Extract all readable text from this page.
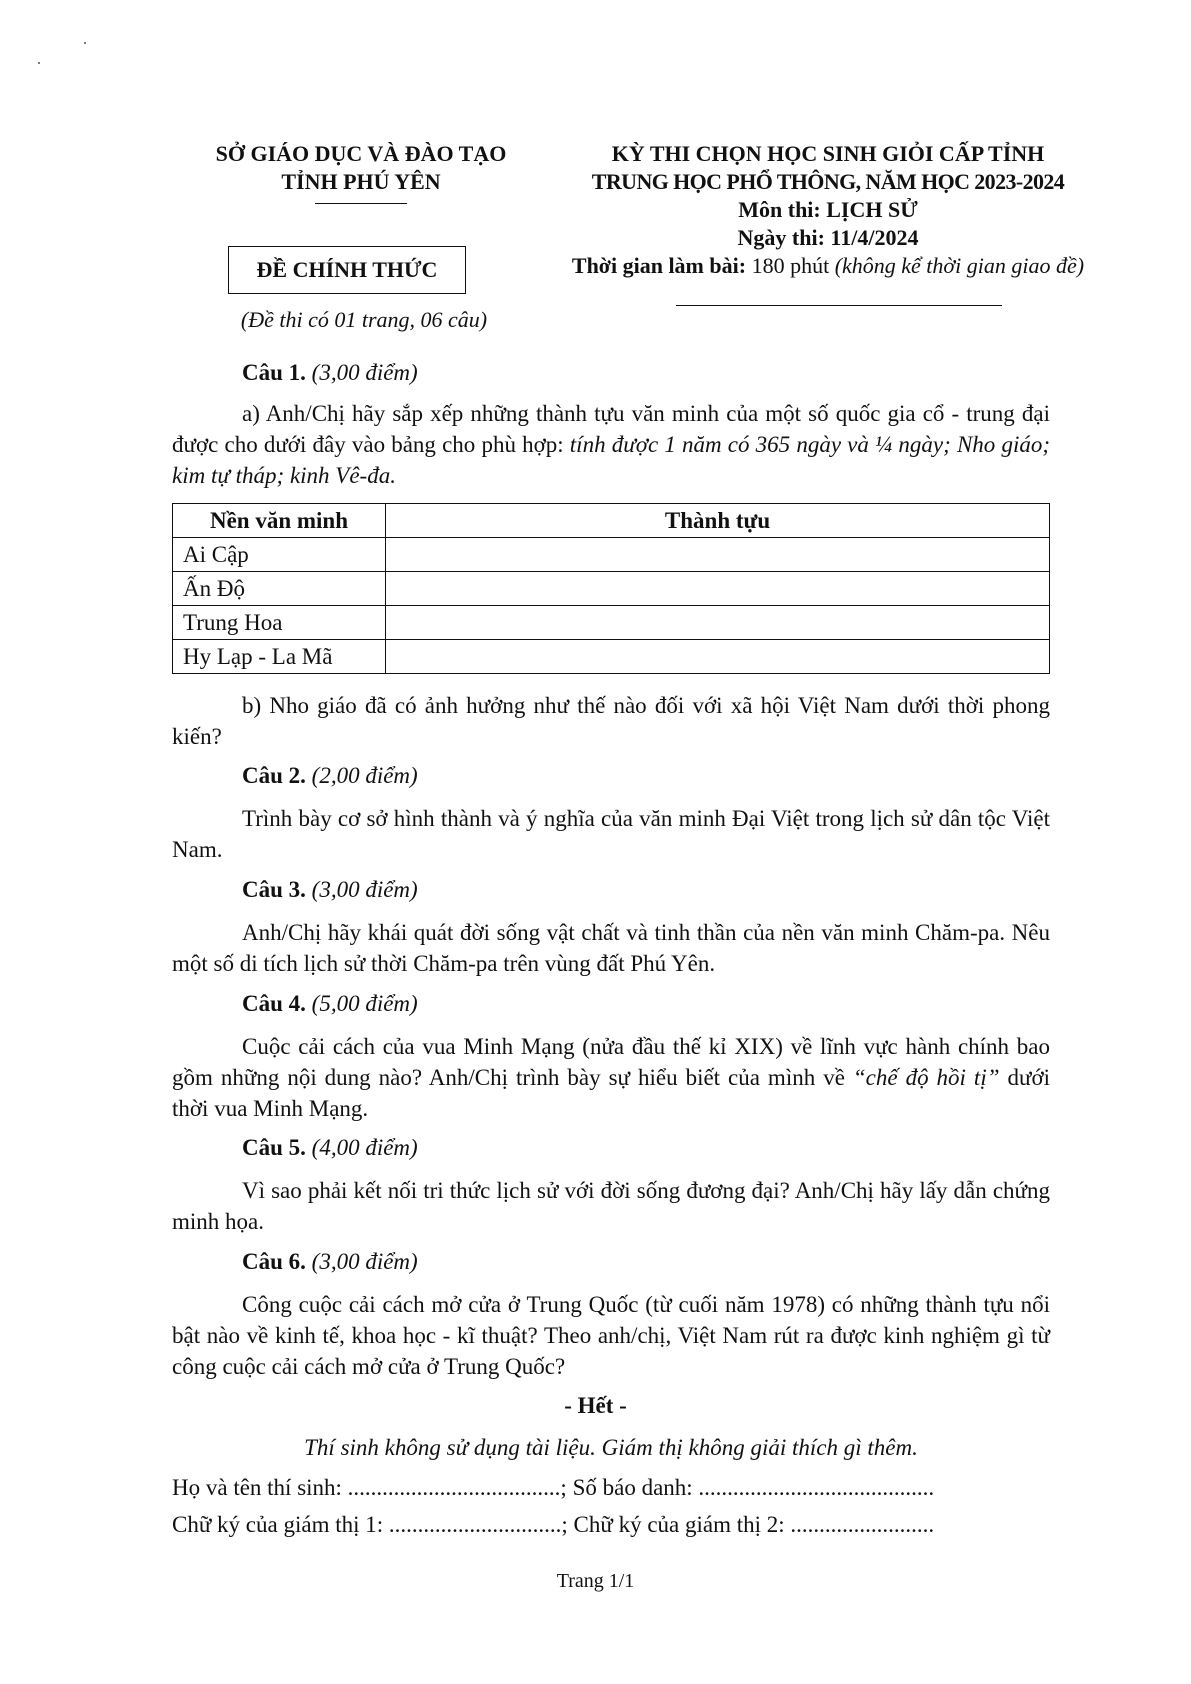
SỞ GIÁO DỤC VÀ ĐÀO TẠO
TỈNH PHÚ YÊN
ĐỀ CHÍNH THỨC
(Đề thi có 01 trang, 06 câu)
KỲ THI CHỌN HỌC SINH GIỎI CẤP TỈNH
TRUNG HỌC PHỔ THÔNG, NĂM HỌC 2023-2024
Môn thi: LỊCH SỬ
Ngày thi: 11/4/2024
Thời gian làm bài: 180 phút (không kể thời gian giao đề)
Câu 1. (3,00 điểm)
a) Anh/Chị hãy sắp xếp những thành tựu văn minh của một số quốc gia cổ - trung đại được cho dưới đây vào bảng cho phù hợp: tính được 1 năm có 365 ngày và ¼ ngày; Nho giáo; kim tự tháp; kinh Vê-đa.
Nền văn minh	Thành tựu
Ai Cập	
Ấn Độ	
Trung Hoa	
Hy Lạp - La Mã	
b) Nho giáo đã có ảnh hưởng như thế nào đối với xã hội Việt Nam dưới thời phong kiến?
Câu 2. (2,00 điểm)
Trình bày cơ sở hình thành và ý nghĩa của văn minh Đại Việt trong lịch sử dân tộc Việt Nam.
Câu 3. (3,00 điểm)
Anh/Chị hãy khái quát đời sống vật chất và tinh thần của nền văn minh Chăm-pa. Nêu một số di tích lịch sử thời Chăm-pa trên vùng đất Phú Yên.
Câu 4. (5,00 điểm)
Cuộc cải cách của vua Minh Mạng (nửa đầu thế kỉ XIX) về lĩnh vực hành chính bao gồm những nội dung nào? Anh/Chị trình bày sự hiểu biết của mình về “chế độ hồi tị” dưới thời vua Minh Mạng.
Câu 5. (4,00 điểm)
Vì sao phải kết nối tri thức lịch sử với đời sống đương đại? Anh/Chị hãy lấy dẫn chứng minh họa.
Câu 6. (3,00 điểm)
Công cuộc cải cách mở cửa ở Trung Quốc (từ cuối năm 1978) có những thành tựu nổi bật nào về kinh tế, khoa học - kĩ thuật? Theo anh/chị, Việt Nam rút ra được kinh nghiệm gì từ công cuộc cải cách mở cửa ở Trung Quốc?
- Hết -
Thí sinh không sử dụng tài liệu. Giám thị không giải thích gì thêm.
Họ và tên thí sinh: .....................................; Số báo danh: .........................................
Chữ ký của giám thị 1: ..............................; Chữ ký của giám thị 2: .........................
Trang 1/1
